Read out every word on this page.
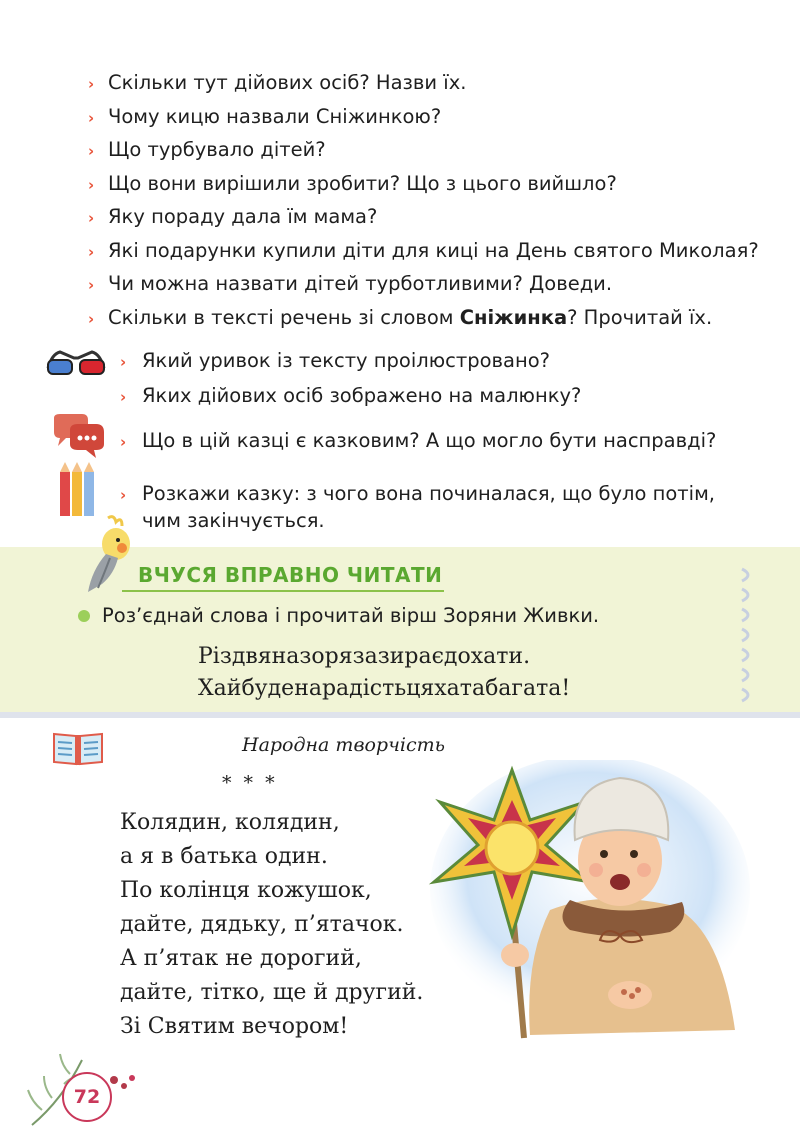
› Скільки тут дійових осіб? Назви їх.
› Чому кицю назвали Сніжинкою?
› Що турбувало дітей?
› Що вони вирішили зробити? Що з цього вийшло?
› Яку пораду дала їм мама?
› Які подарунки купили діти для киці на День святого Миколая?
› Чи можна назвати дітей турботливими? Доведи.
› Скільки в тексті речень зі словом Сніжинка? Прочитай їх.
› Який уривок із тексту проілюстровано?
› Яких дійових осіб зображено на малюнку?
› Що в цій казці є казковим? А що могло бути насправді?
› Розкажи казку: з чого вона починалася, що було потім,
чим закінчується.
ВЧУСЯ ВПРАВНО ЧИТАТИ
Роз’єднай слова і прочитай вірш Зоряни Живки.
Різдвяназорязазираєдохати.
Хайбуденарадістьцяхатабагата!
Народна творчість
* * *
Колядин, колядин,
а я в батька один.
По колінця кожушок,
дайте, дядьку, п’ятачок.
А п’ятак не дорогий,
дайте, тітко, ще й другий.
Зі Святим вечором!
72
